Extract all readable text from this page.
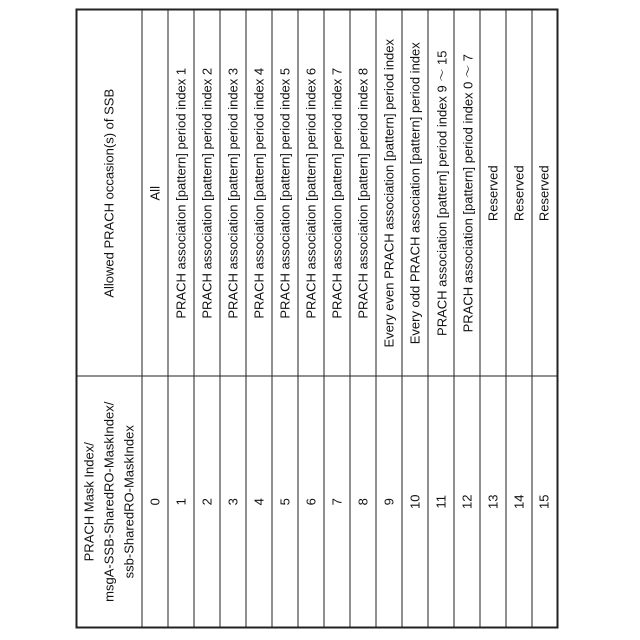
PRACH Mask Index/ msgA-SSB-SharedRO-MaskIndex/ ssb-SharedRO-MaskIndex	Allowed PRACH occasion(s) of SSB
0	All
1	PRACH association [pattern] period index 1
2	PRACH association [pattern] period index 2
3	PRACH association [pattern] period index 3
4	PRACH association [pattern] period index 4
5	PRACH association [pattern] period index 5
6	PRACH association [pattern] period index 6
7	PRACH association [pattern] period index 7
8	PRACH association [pattern] period index 8
9	Every even PRACH association [pattern] period index
10	Every odd PRACH association [pattern] period index
11	PRACH association [pattern] period index 9 ～ 15
12	PRACH association [pattern] period index 0 ～ 7
13	Reserved
14	Reserved
15	Reserved
